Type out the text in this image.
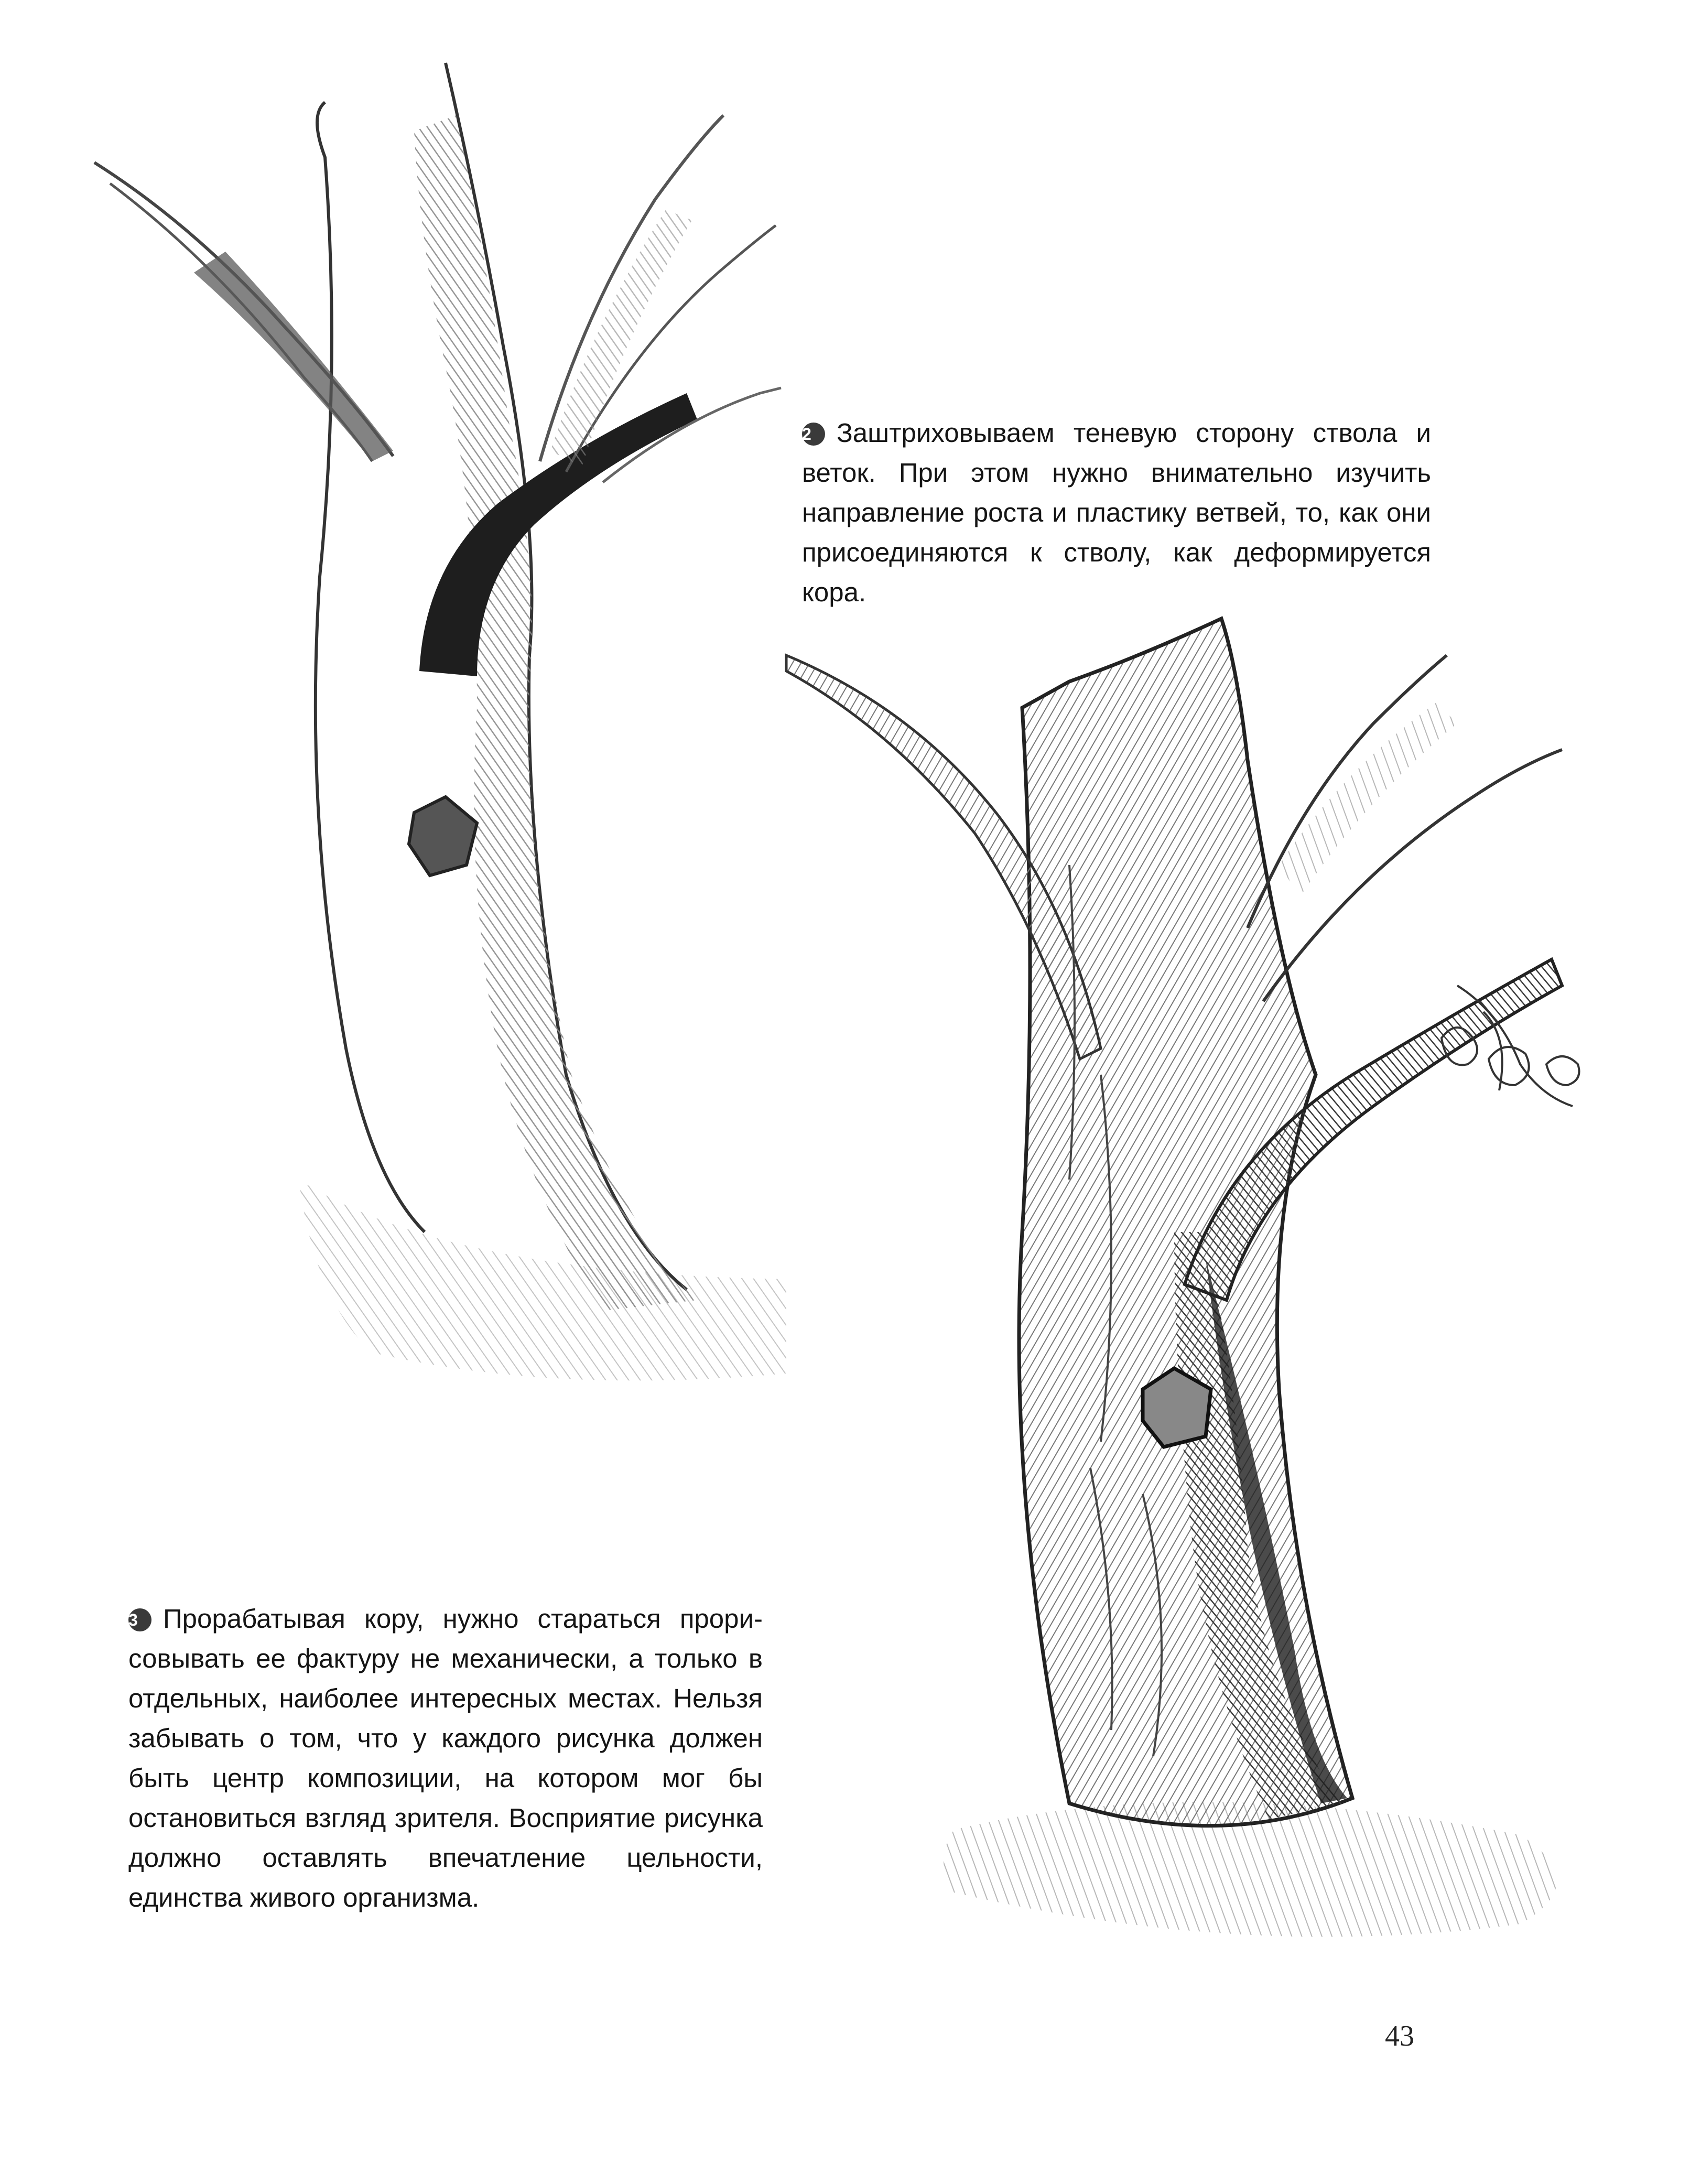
2 Заштриховываем теневую сторону ствола и веток. При этом нужно внимательно изучить направление роста и пластику ветвей, то, как они присоединяются к стволу, как деформируется кора.
3 Прорабатывая кору, нужно стараться прорисовывать ее фактуру не механически, а только в отдельных, наиболее интересных местах. Нельзя забывать о том, что у каждого рисунка должен быть центр композиции, на котором мог бы остановиться взгляд зрителя. Восприятие рисунка должно оставлять впечатление цельности, единства живого организма.
43
